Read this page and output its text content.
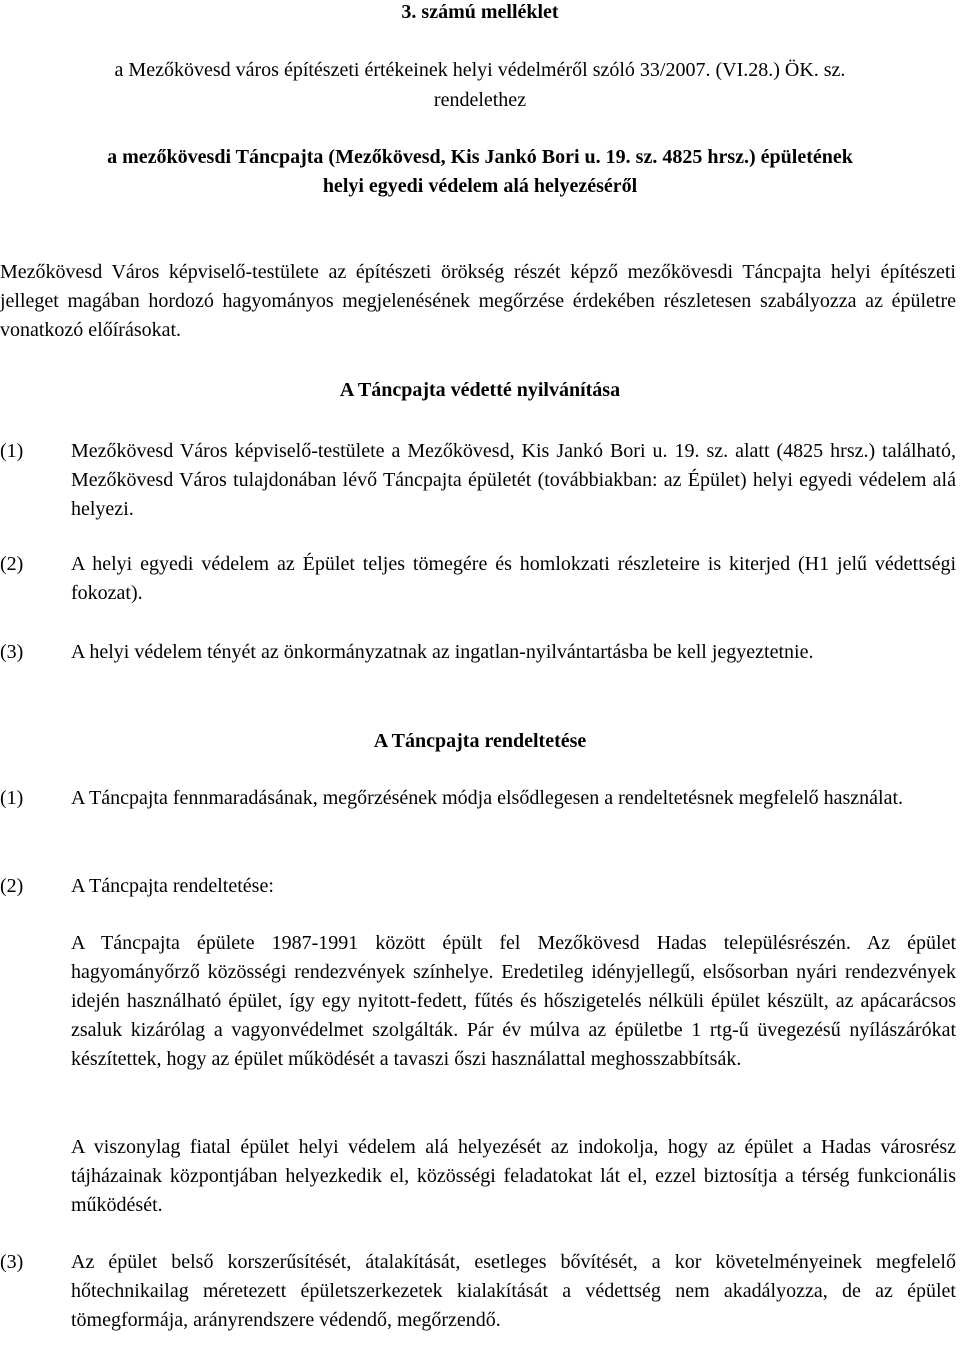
3. számú melléklet
a Mezőkövesd város építészeti értékeinek helyi védelméről szóló 33/2007. (VI.28.) ÖK. sz.
rendelethez
a mezőkövesdi Táncpajta (Mezőkövesd, Kis Jankó Bori u. 19. sz. 4825 hrsz.) épületének
helyi egyedi védelem alá helyezéséről
Mezőkövesd Város képviselő-testülete az építészeti örökség részét képző mezőkövesdi Táncpajta helyi építészeti jelleget magában hordozó hagyományos megjelenésének megőrzése érdekében részletesen szabályozza az épületre vonatkozó előírásokat.
A Táncpajta védetté nyilvánítása
(1) Mezőkövesd Város képviselő-testülete a Mezőkövesd, Kis Jankó Bori u. 19. sz. alatt (4825 hrsz.) található, Mezőkövesd Város tulajdonában lévő Táncpajta épületét (továbbiakban: az Épület) helyi egyedi védelem alá helyezi.
(2) A helyi egyedi védelem az Épület teljes tömegére és homlokzati részleteire is kiterjed (H1 jelű védettségi fokozat).
(3) A helyi védelem tényét az önkormányzatnak az ingatlan-nyilvántartásba be kell jegyeztetnie.
A Táncpajta rendeltetése
(1) A Táncpajta fennmaradásának, megőrzésének módja elsődlegesen a rendeltetésnek megfelelő használat.
(2) A Táncpajta rendeltetése:
A Táncpajta épülete 1987-1991 között épült fel Mezőkövesd Hadas településrészén. Az épület hagyományőrző közösségi rendezvények színhelye. Eredetileg idényjellegű, elsősorban nyári rendezvények idején használható épület, így egy nyitott-fedett, fűtés és hőszigetelés nélküli épület készült, az apácarácsos zsaluk kizárólag a vagyonvédelmet szolgálták. Pár év múlva az épületbe 1 rtg-ű üvegezésű nyílászárókat készítettek, hogy az épület működését a tavaszi őszi használattal meghosszabbítsák.
A viszonylag fiatal épület helyi védelem alá helyezését az indokolja, hogy az épület a Hadas városrész tájházainak központjában helyezkedik el, közösségi feladatokat lát el, ezzel biztosítja a térség funkcionális működését.
(3) Az épület belső korszerűsítését, átalakítását, esetleges bővítését, a kor követelményeinek megfelelő hőtechnikailag méretezett épületszerkezetek kialakítását a védettség nem akadályozza, de az épület tömegformája, arányrendszere védendő, megőrzendő.
